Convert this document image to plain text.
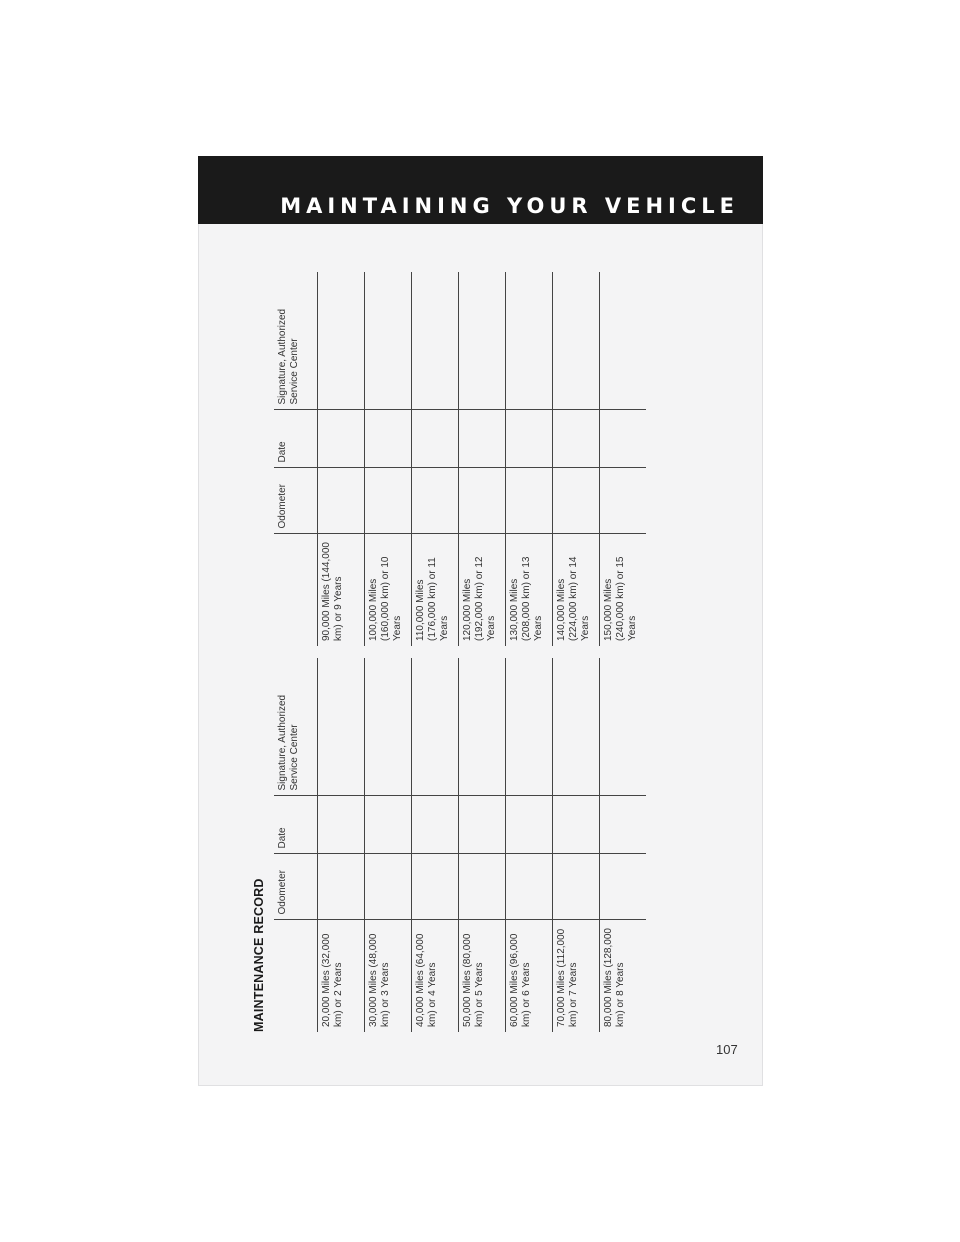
MAINTAINING YOUR VEHICLE
MAINTENANCE RECORD
	Odometer	Date	Signature, Authorized Service Center
20,000 Miles (32,000 km) or 2 Years			
30,000 Miles (48,000 km) or 3 Years			
40,000 Miles (64,000 km) or 4 Years			
50,000 Miles (80,000 km) or 5 Years			
60,000 Miles (96,000 km) or 6 Years			
70,000 Miles (112,000 km) or 7 Years			
80,000 Miles (128,000 km) or 8 Years			
	Odometer	Date	Signature, Authorized Service Center
90,000 Miles (144,000 km) or 9 Years			
100,000 Miles (160,000 km) or 10 Years			
110,000 Miles (176,000 km) or 11 Years			
120,000 Miles (192,000 km) or 12 Years			
130,000 Miles (208,000 km) or 13 Years			
140,000 Miles (224,000 km) or 14 Years			
150,000 Miles (240,000 km) or 15 Years			
107
